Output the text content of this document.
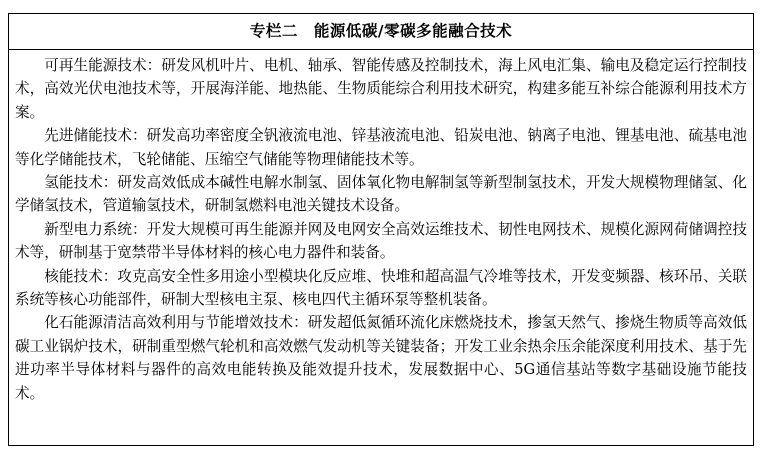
专栏二　能源低碳/零碳多能融合技术

可再生能源技术：研发风机叶片、电机、轴承、智能传感及控制技术，海上风电汇集、输电及稳定运行控制技术，高效光伏电池技术等，开展海洋能、地热能、生物质能综合利用技术研究，构建多能互补综合能源利用技术方案。

先进储能技术：研发高功率密度全钒液流电池、锌基液流电池、铅炭电池、钠离子电池、锂基电池、硫基电池等化学储能技术，飞轮储能、压缩空气储能等物理储能技术等。

氢能技术：研发高效低成本碱性电解水制氢、固体氧化物电解制氢等新型制氢技术，开发大规模物理储氢、化学储氢技术，管道输氢技术，研制氢燃料电池关键技术设备。

新型电力系统：开发大规模可再生能源并网及电网安全高效运维技术、韧性电网技术、规模化源网荷储调控技术等，研制基于宽禁带半导体材料的核心电力器件和装备。

核能技术：攻克高安全性多用途小型模块化反应堆、快堆和超高温气冷堆等技术，开发变频器、核环吊、关联系统等核心功能部件，研制大型核电主泵、核电四代主循环泵等整机装备。

化石能源清洁高效利用与节能增效技术：研发超低氮循环流化床燃烧技术，掺氢天然气、掺烧生物质等高效低碳工业锅炉技术，研制重型燃气轮机和高效燃气发动机等关键装备；开发工业余热余压余能深度利用技术、基于先进功率半导体材料与器件的高效电能转换及能效提升技术，发展数据中心、5G通信基站等数字基础设施节能技术。
